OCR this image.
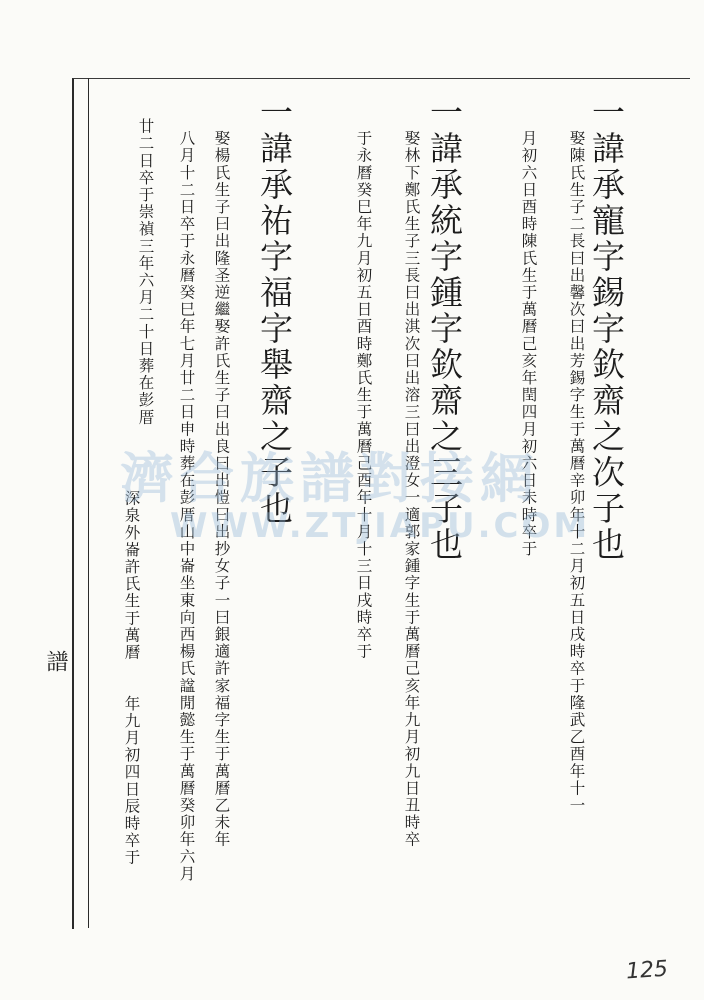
一諱承寵字錫字欽齋之次子也
娶陳氏生子二長曰出馨次曰出芳錫字生于萬曆辛卯年十二月初五日戌時卒于隆武乙酉年十一
月初六日酉時陳氏生于萬曆己亥年閏四月初六日未時卒于
一諱承統字鍾字欽齋之三子也
娶林下鄭氏生子三長曰出淇次曰出溶三曰出澄女一適郭家鍾字生于萬曆己亥年九月初九日丑時卒
于永曆癸巳年九月初五日酉時鄭氏生于萬曆己酉年十月十三日戌時卒于
一諱承祐字福字舉齋之子也
娶楊氏生子曰出隆圣逆繼娶許氏生子曰出良曰出愷曰出抄女子一曰銀適許家福字生于萬曆乙未年
八月十二日卒于永曆癸巳年七月廿二日申時葬在彭厝山中崙坐東向西楊氏諡閒懿生于萬曆癸卯年六月
廿二日卒于崇禎三年六月二十日葬在彭厝
深泉外崙許氏生于萬曆　　年九月初四日辰時卒于
譜
濟合族譜對接網
WWW.ZTJIAPU.COM
125
